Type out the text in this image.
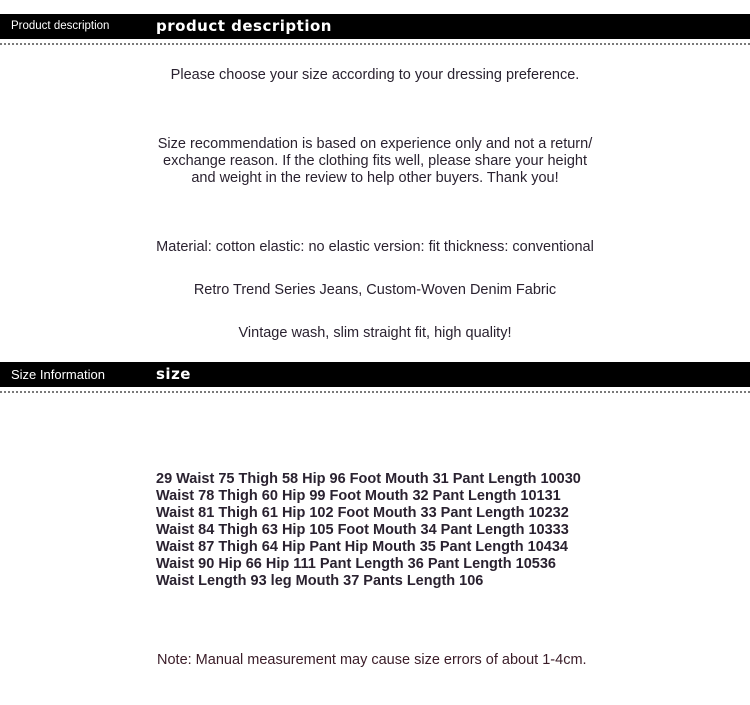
Product description	product description
Please choose your size according to your dressing preference.
Size recommendation is based on experience only and not a return/
exchange reason. If the clothing fits well, please share your height
and weight in the review to help other buyers. Thank you!
Material: cotton elastic: no elastic version: fit thickness: conventional
Retro Trend Series Jeans, Custom-Woven Denim Fabric
Vintage wash, slim straight fit, high quality!
Size Information	size
29 Waist 75 Thigh 58 Hip 96 Foot Mouth 31 Pant Length 10030
Waist 78 Thigh 60 Hip 99 Foot Mouth 32 Pant Length 10131
Waist 81 Thigh 61 Hip 102 Foot Mouth 33 Pant Length 10232
Waist 84 Thigh 63 Hip 105 Foot Mouth 34 Pant Length 10333
Waist 87 Thigh 64 Hip Pant Hip Mouth 35 Pant Length 10434
Waist 90 Hip 66 Hip 111 Pant Length 36 Pant Length 10536
Waist Length 93 leg Mouth 37 Pants Length 106
Note: Manual measurement may cause size errors of about 1-4cm.
